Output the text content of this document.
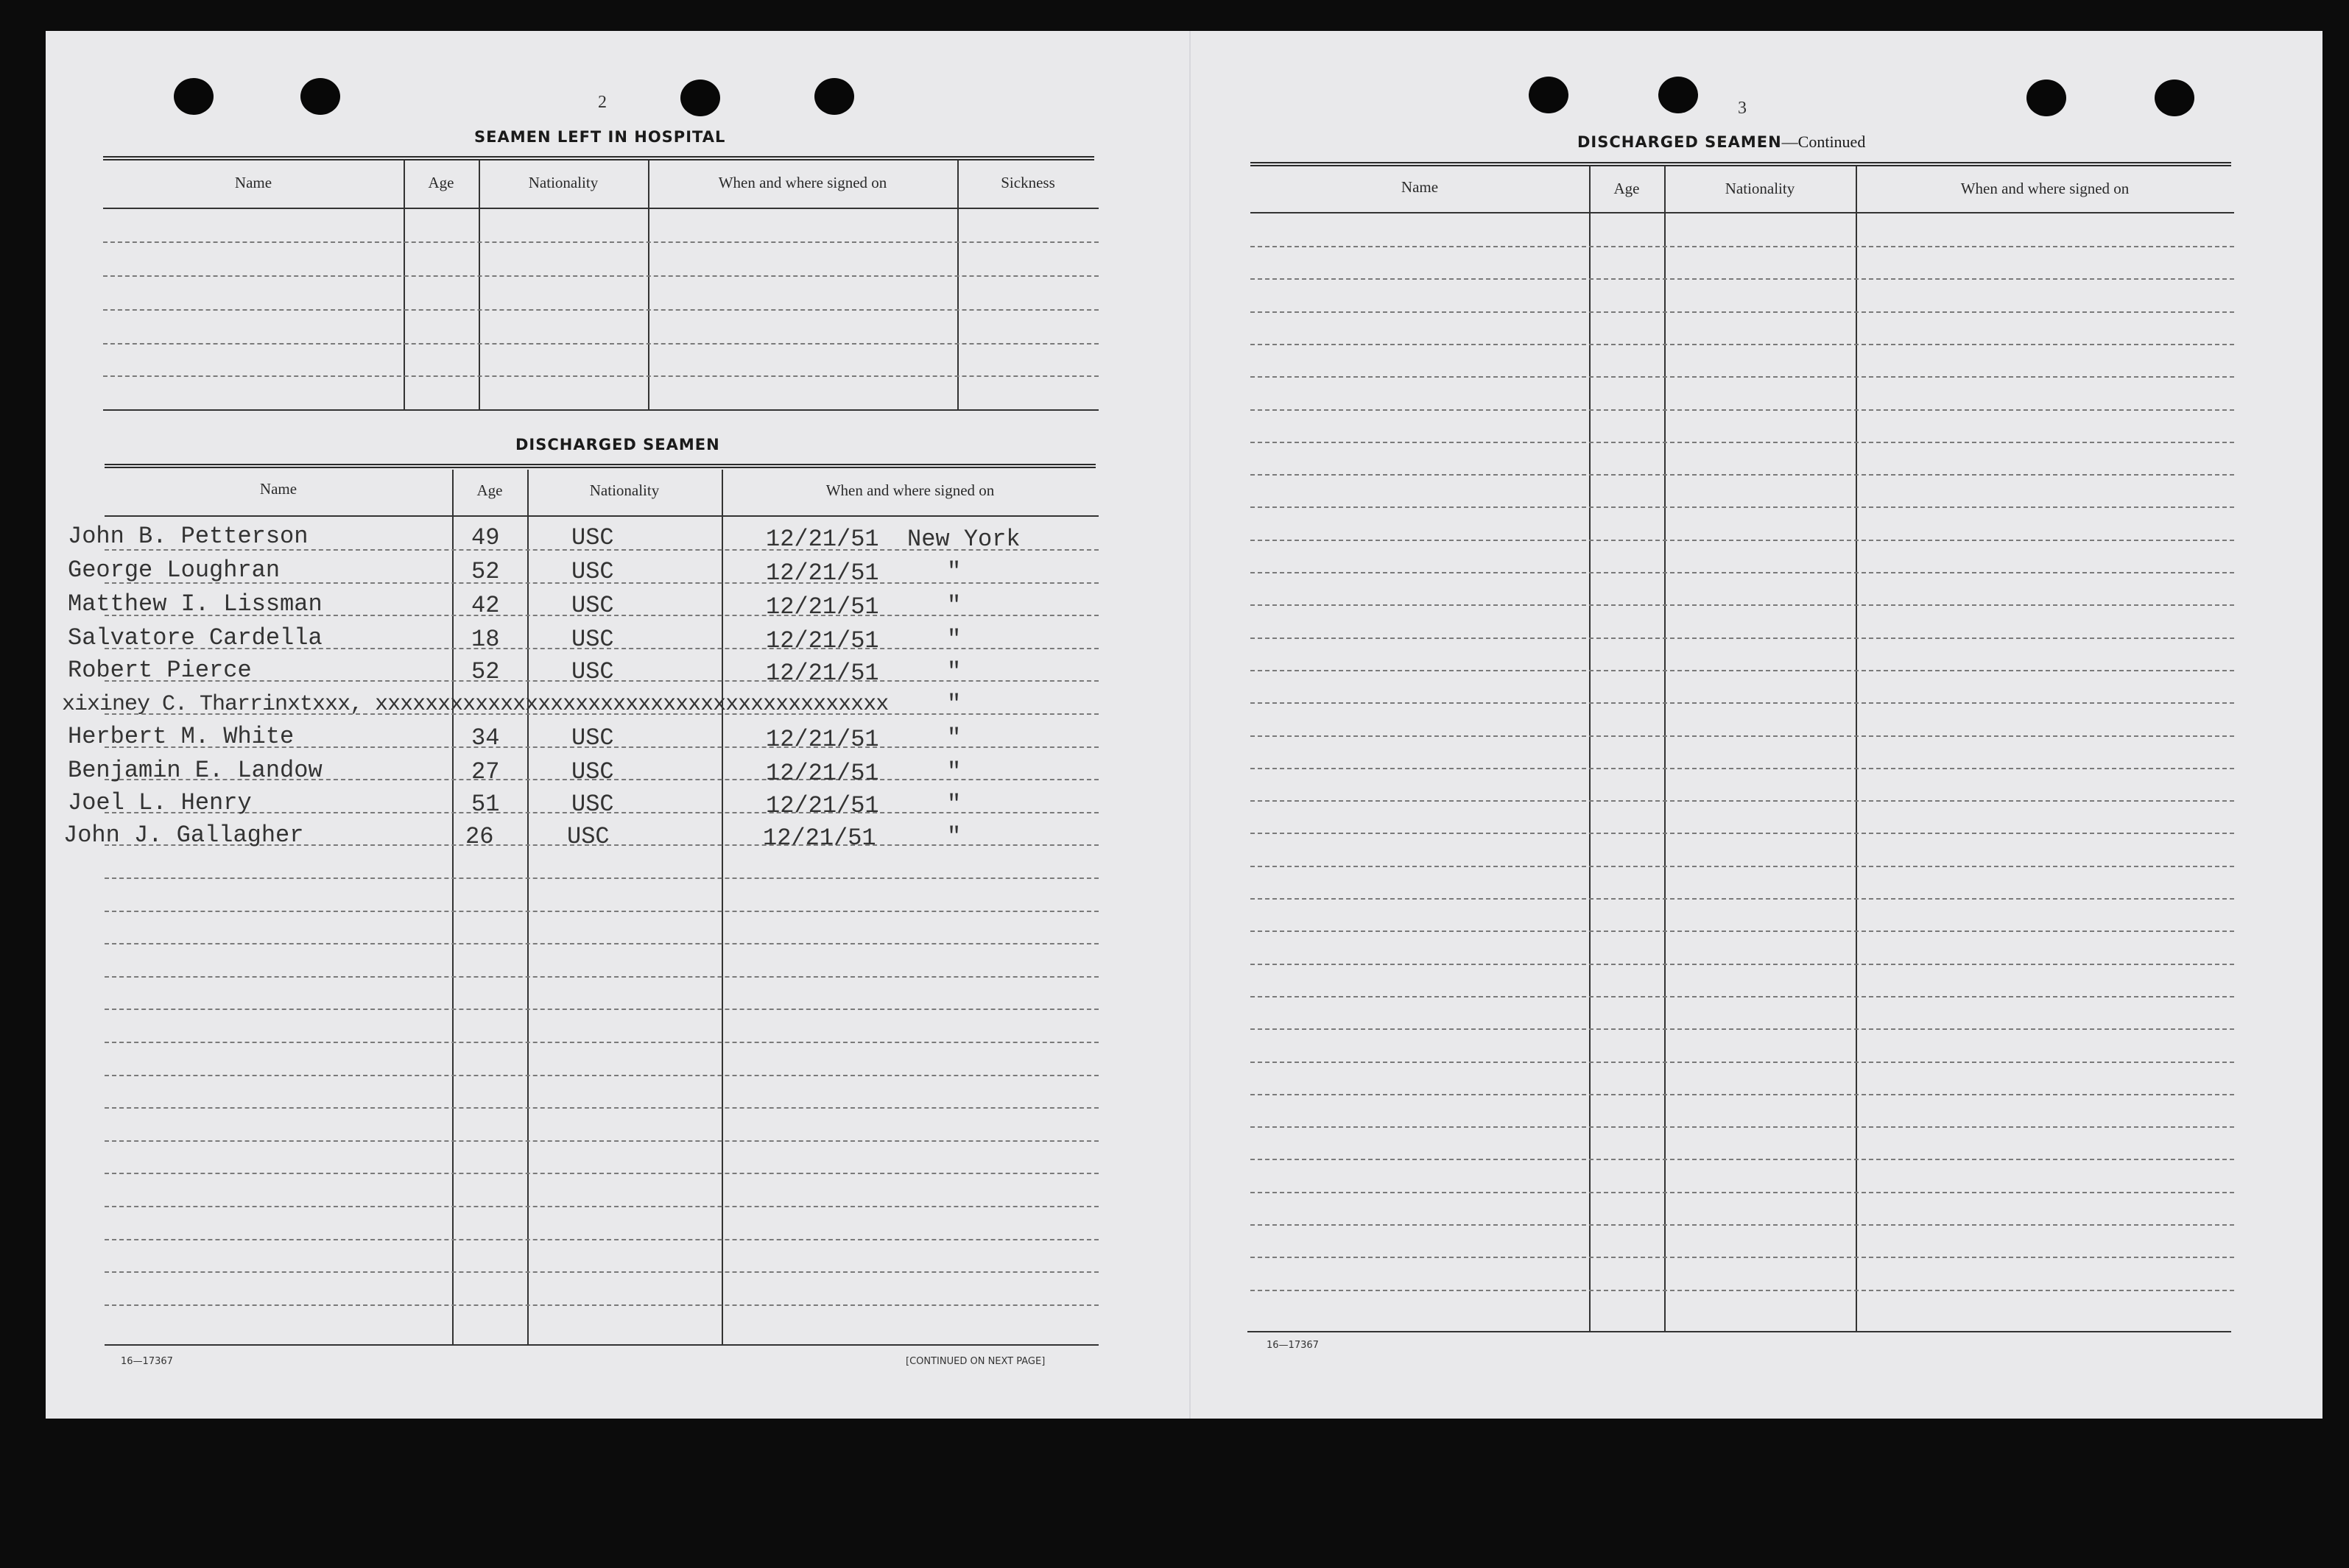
2
SEAMEN LEFT IN HOSPITAL
Name	Age	Nationality	When and where signed on	Sickness
DISCHARGED SEAMEN
Name	Age	Nationality	When and where signed on
John B. Petterson	49	USC	12/21/51 New York
George Loughran	52	USC	12/21/51	"
Matthew I. Lissman	42	USC	12/21/51	"
Salvatore Cardella	18	USC	12/21/51	"
Robert Pierce	52	USC	12/21/51	"
xixiney C. Tharrinxtxxx, xxxxxxxxxxxxxxxxxxxxxxxxxxxxxxxxxxxxxxxxx "
Herbert M. White	34	USC	12/21/51	"
Benjamin E. Landow	27	USC	12/21/51	"
Joel L. Henry	51	USC	12/21/51	"
John J. Gallagher	26	USC	12/21/51	"
16—17367	[CONTINUED ON NEXT PAGE]
3
DISCHARGED SEAMEN—Continued
Name	Age	Nationality	When and where signed on
16—17367
